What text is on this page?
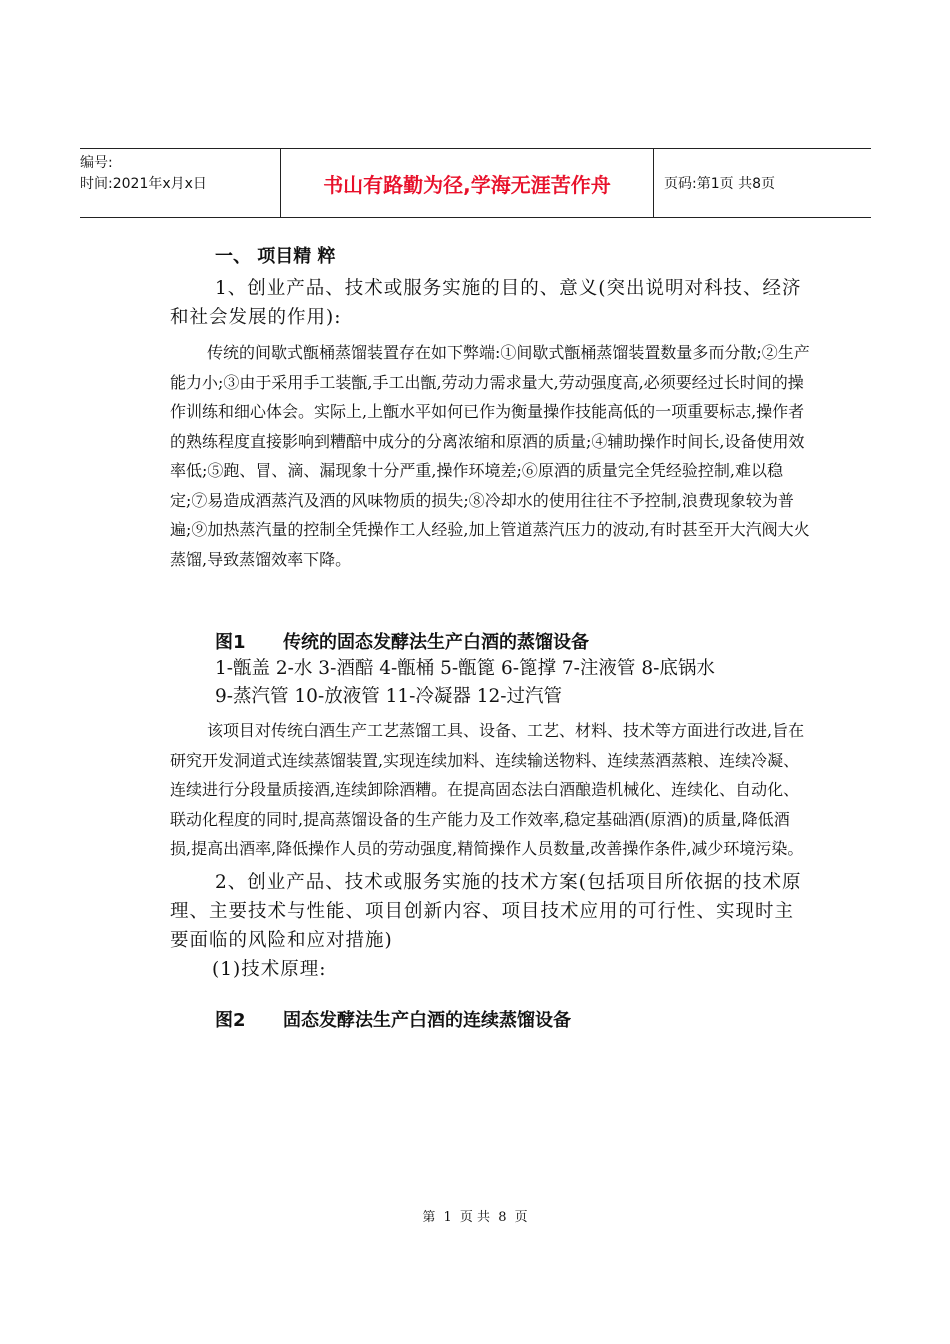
编号:
时间:2021年x月x日	书山有路勤为径,学海无涯苦作舟	页码:第1页 共8页
一、 项目精 粹

1、创业产品、技术或服务实施的目的、意义(突出说明对科技、经济和社会发展的作用):

传统的间歇式甑桶蒸馏装置存在如下弊端:①间歇式甑桶蒸馏装置数量多而分散;②生产能力小;③由于采用手工装甑,手工出甑,劳动力需求量大,劳动强度高,必须要经过长时间的操作训练和细心体会。实际上,上甑水平如何已作为衡量操作技能高低的一项重要标志,操作者的熟练程度直接影响到糟醅中成分的分离浓缩和原酒的质量;④辅助操作时间长,设备使用效率低;⑤跑、冒、滴、漏现象十分严重,操作环境差;⑥原酒的质量完全凭经验控制,难以稳定;⑦易造成酒蒸汽及酒的风味物质的损失;⑧冷却水的使用往往不予控制,浪费现象较为普遍;⑨加热蒸汽量的控制全凭操作工人经验,加上管道蒸汽压力的波动,有时甚至开大汽阀大火蒸馏,导致蒸馏效率下降。

图1 传统的固态发酵法生产白酒的蒸馏设备

1-甑盖 2-水 3-酒醅 4-甑桶 5-甑篦 6-篦撑 7-注液管 8-底锅水

9-蒸汽管 10-放液管 11-冷凝器 12-过汽管

该项目对传统白酒生产工艺蒸馏工具、设备、工艺、材料、技术等方面进行改进,旨在研究开发洞道式连续蒸馏装置,实现连续加料、连续输送物料、连续蒸酒蒸粮、连续冷凝、连续进行分段量质接酒,连续卸除酒糟。在提高固态法白酒酿造机械化、连续化、自动化、联动化程度的同时,提高蒸馏设备的生产能力及工作效率,稳定基础酒(原酒)的质量,降低酒损,提高出酒率,降低操作人员的劳动强度,精简操作人员数量,改善操作条件,减少环境污染。

2、创业产品、技术或服务实施的技术方案(包括项目所依据的技术原理、主要技术与性能、项目创新内容、项目技术应用的可行性、实现时主要面临的风险和应对措施)

(1)技术原理:

图2 固态发酵法生产白酒的连续蒸馏设备
第 1 页 共 8 页
